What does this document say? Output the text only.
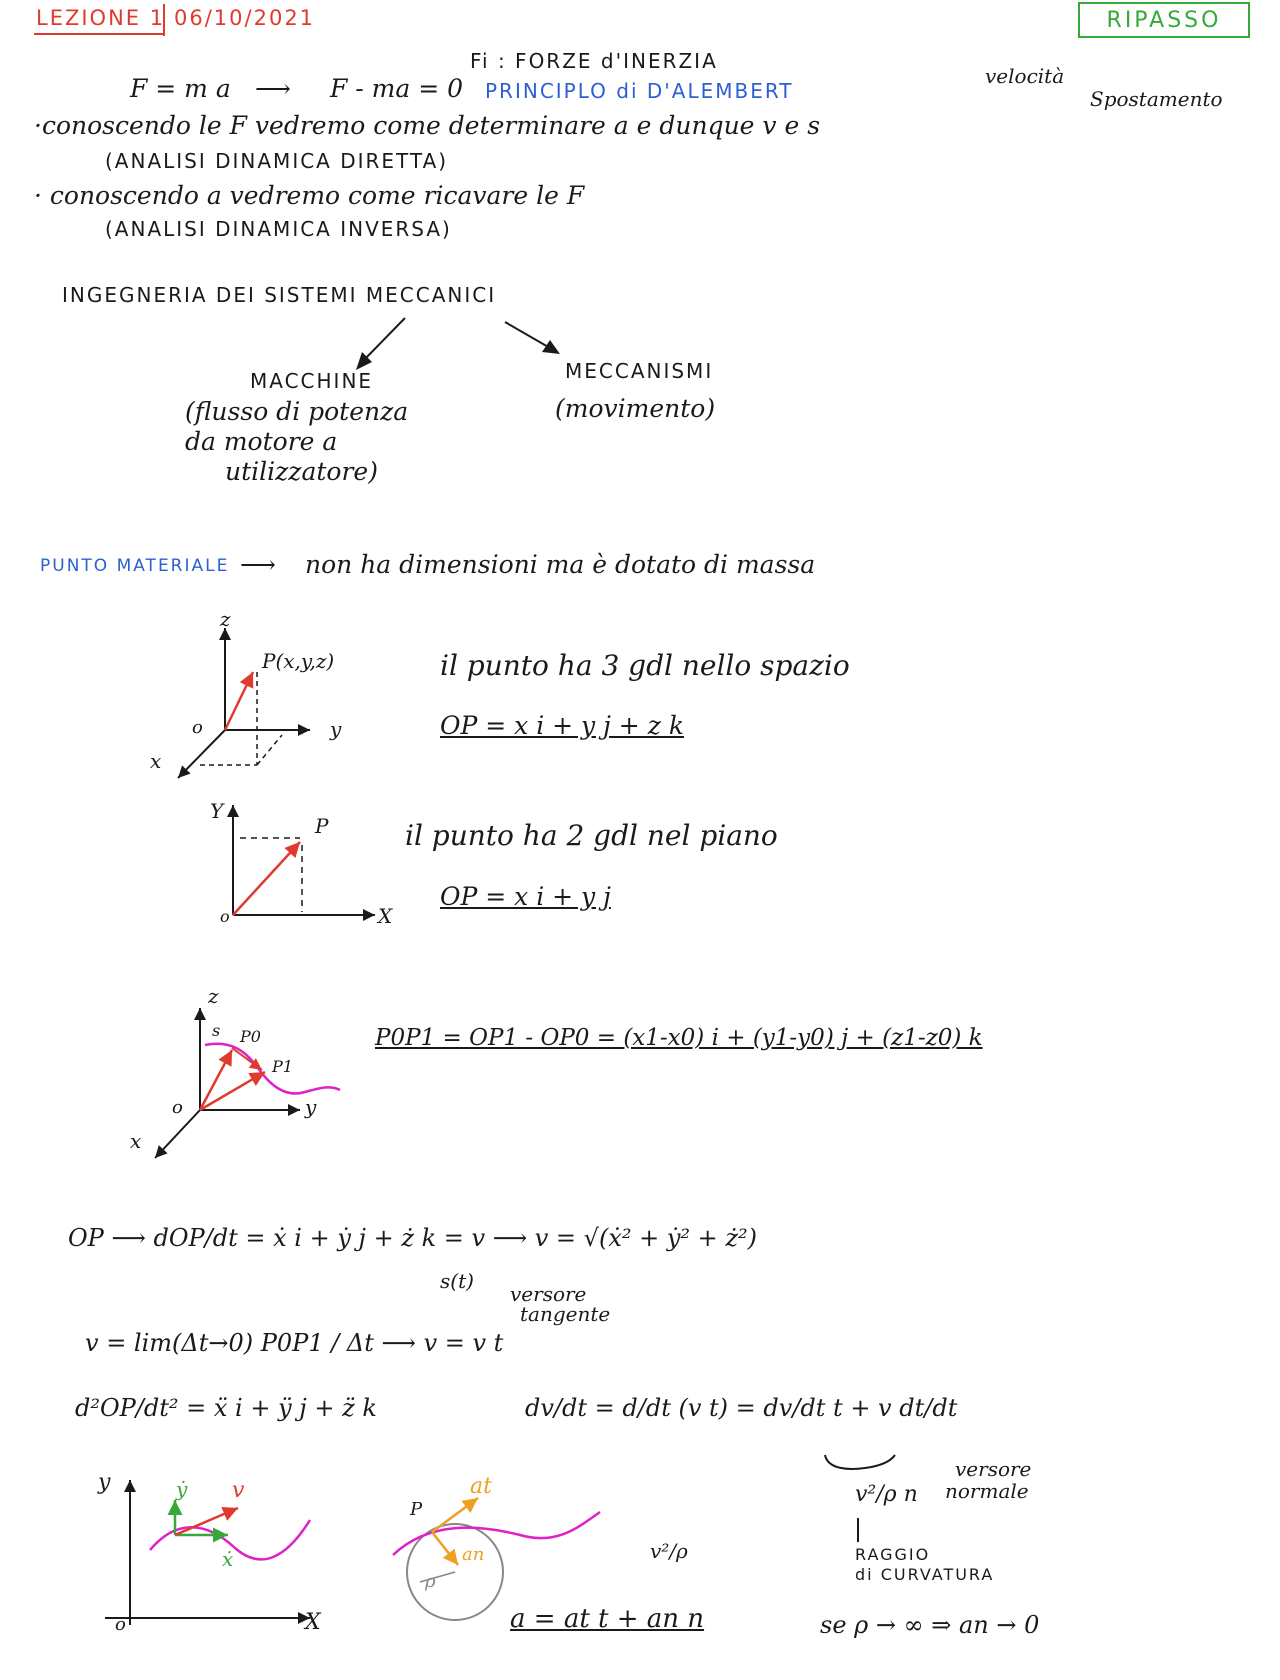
LEZIONE 1 06/10/2021	RIPASSO
Fi : FORZE d'INERZIA
F = m a ⟶ F - ma = 0 PRINCIPLO di D'ALEMBERT
velocità
Spostamento
·conoscendo le F vedremo come determinare a e dunque v e s
(ANALISI DINAMICA DIRETTA)
· conoscendo a vedremo come ricavare le F
(ANALISI DINAMICA INVERSA)
INGEGNERIA DEI SISTEMI MECCANICI
MACCHINE
(flusso di potenza
da motore a
utilizzatore)
MECCANISMI
(movimento)
PUNTO MATERIALE ⟶ non ha dimensioni ma è dotato di massa
z
P(x,y,z)
y
x
o
il punto ha 3 gdl nello spazio
OP = x i + y j + z k
Y
P
X
o
il punto ha 2 gdl nel piano
OP = x i + y j
z
s P0
P1
y
x
o
P0P1 = OP1 - OP0 = (x1-x0) i + (y1-y0) j + (z1-z0) k
OP ⟶ dOP/dt = ẋ i + ẏ j + ż k = v ⟶ v = √(ẋ² + ẏ² + ż²)
s(t)
versore
tangente
v = lim(Δt→0) P0P1 / Δt ⟶ v = v t
d²OP/dt² = ẍ i + ÿ j + z̈ k	dv/dt = d/dt (v t) = dv/dt t + v dt/dt
v²/ρ n
versore
normale
RAGGIO
di CURVATURA
y	ẏ v
ẋ
X
o
P
at
an
ρ
v²/ρ
a = at t + an n	se ρ → ∞ ⇒ an → 0
